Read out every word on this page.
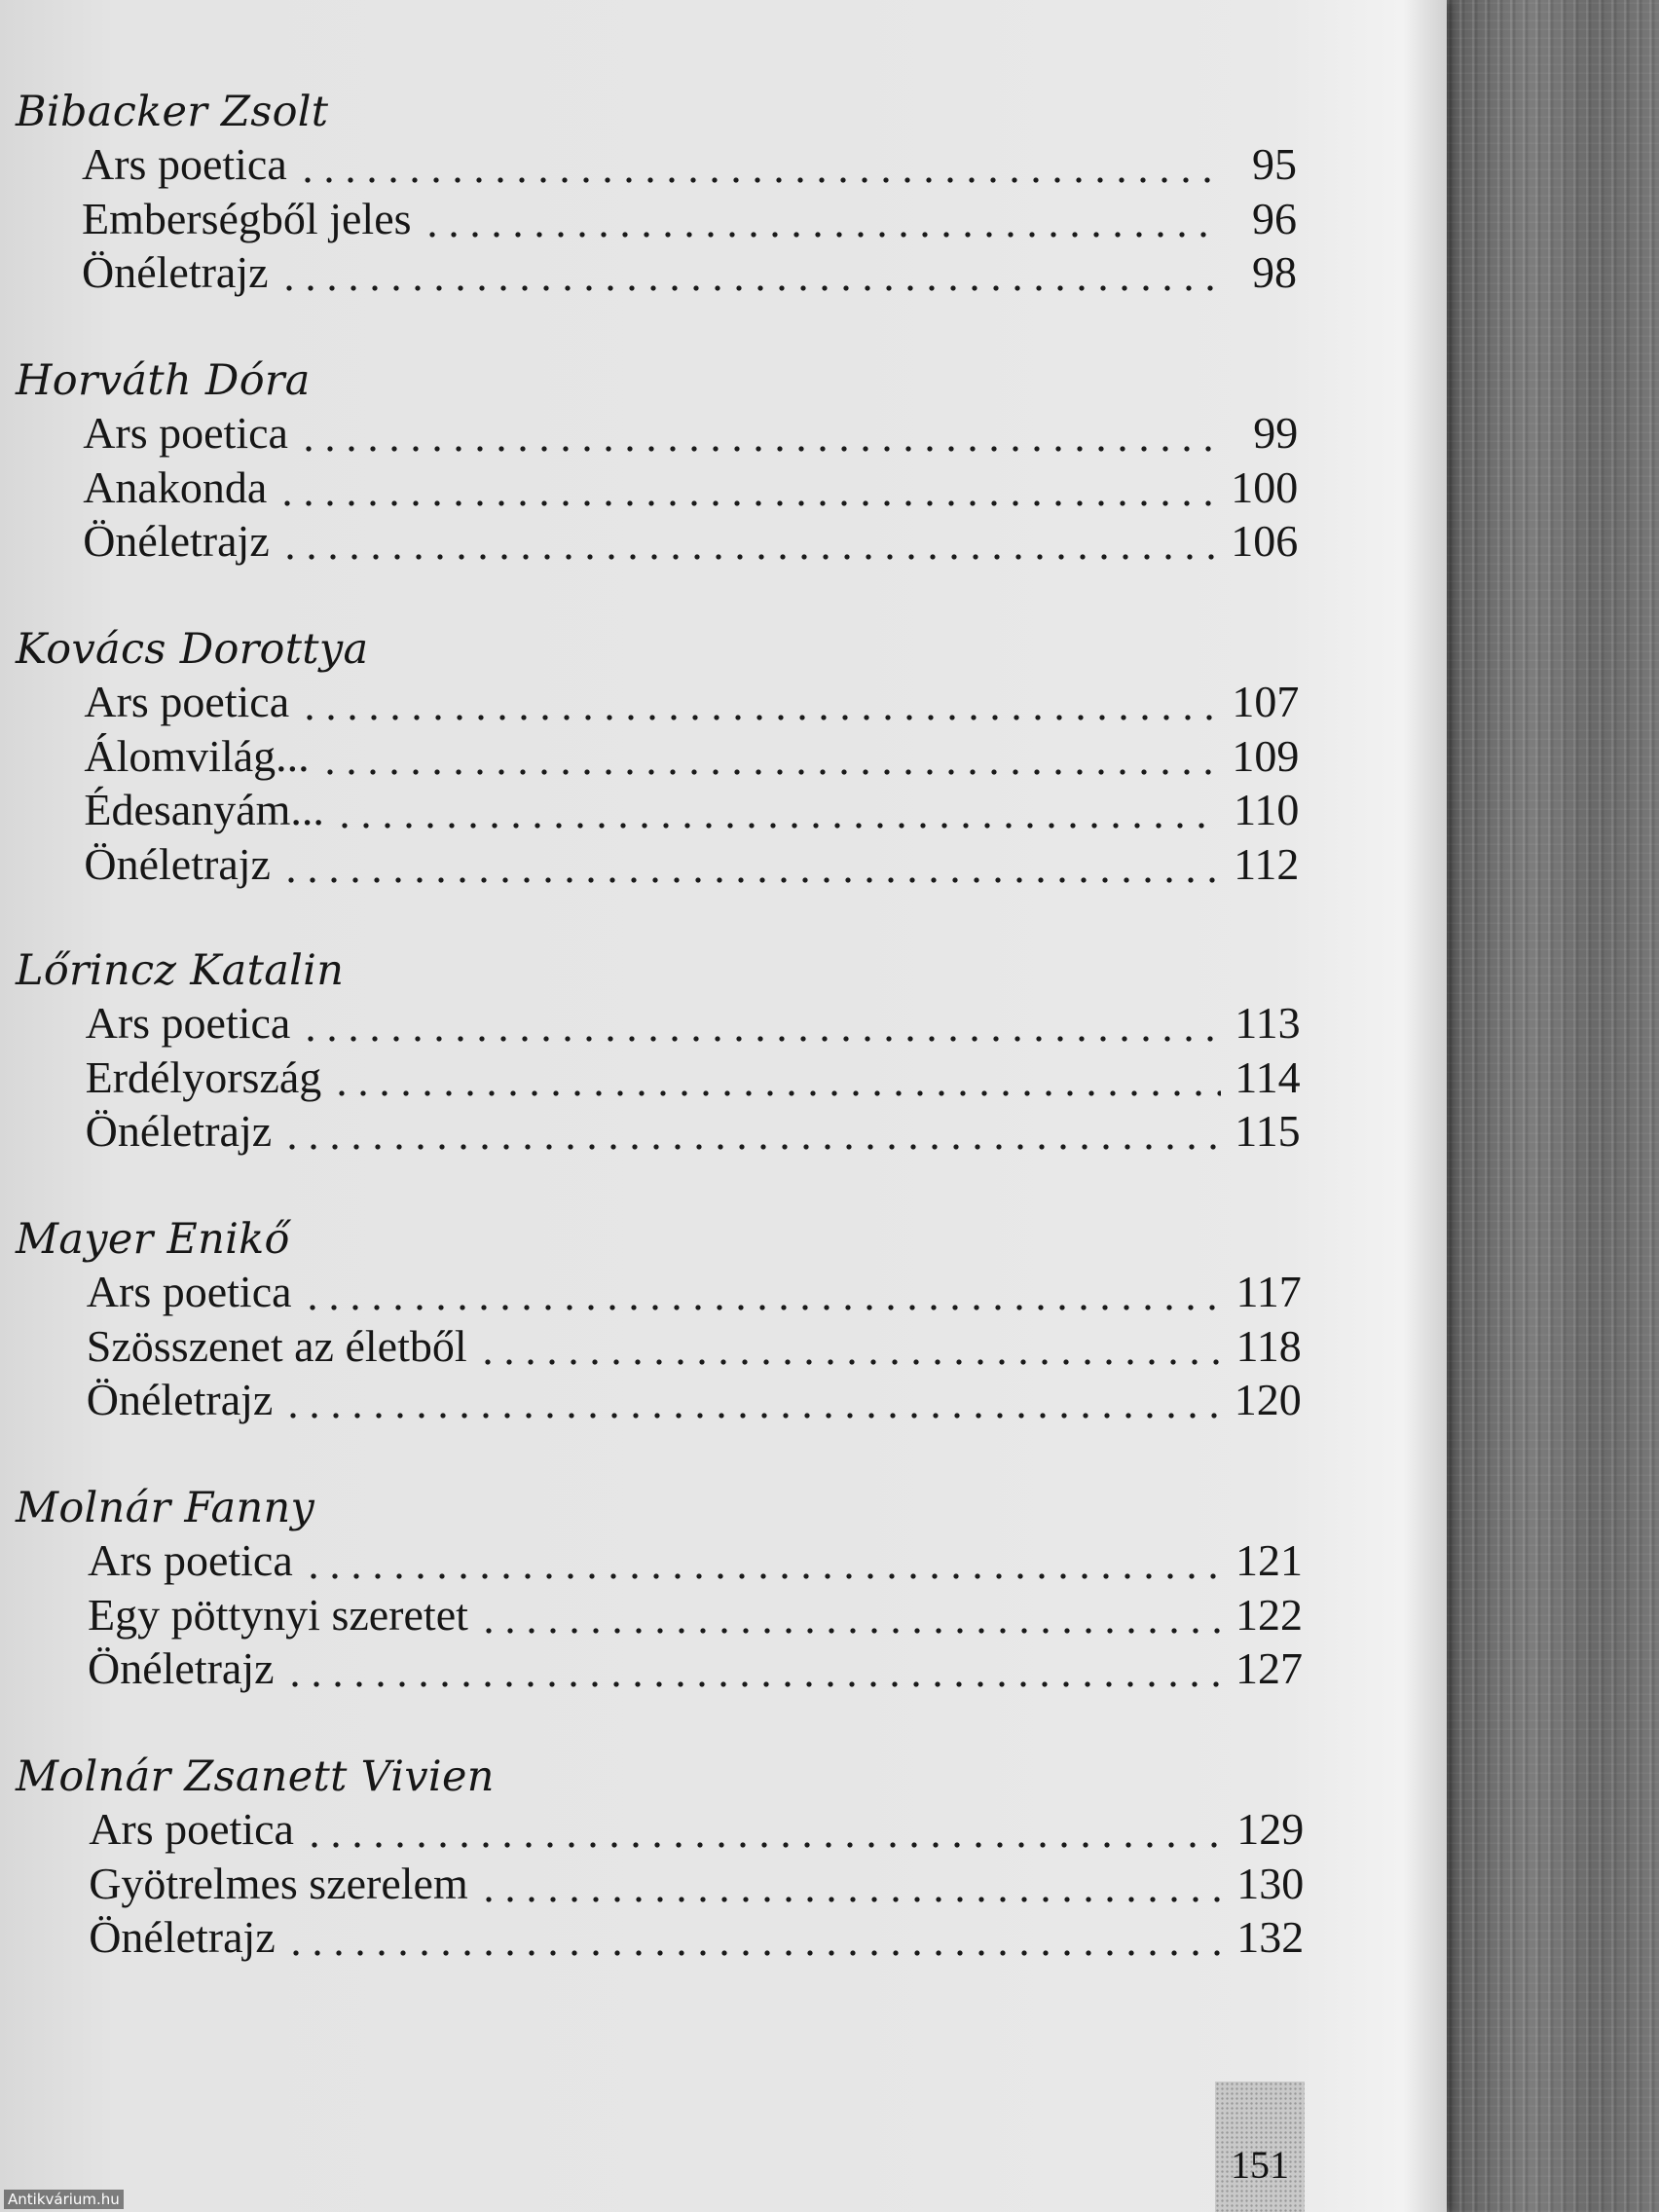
Bibacker Zsolt
Ars poetica	95
Emberségből jeles	96
Önéletrajz	98
Horváth Dóra
Ars poetica	99
Anakonda	100
Önéletrajz	106
Kovács Dorottya
Ars poetica	107
Álomvilág...	109
Édesanyám...	110
Önéletrajz	112
Lőrincz Katalin
Ars poetica	113
Erdélyország	114
Önéletrajz	115
Mayer Enikő
Ars poetica	117
Szösszenet az életből	118
Önéletrajz	120
Molnár Fanny
Ars poetica	121
Egy pöttynyi szeretet	122
Önéletrajz	127
Molnár Zsanett Vivien
Ars poetica	129
Gyötrelmes szerelem	130
Önéletrajz	132
151
Antikvárium.hu
